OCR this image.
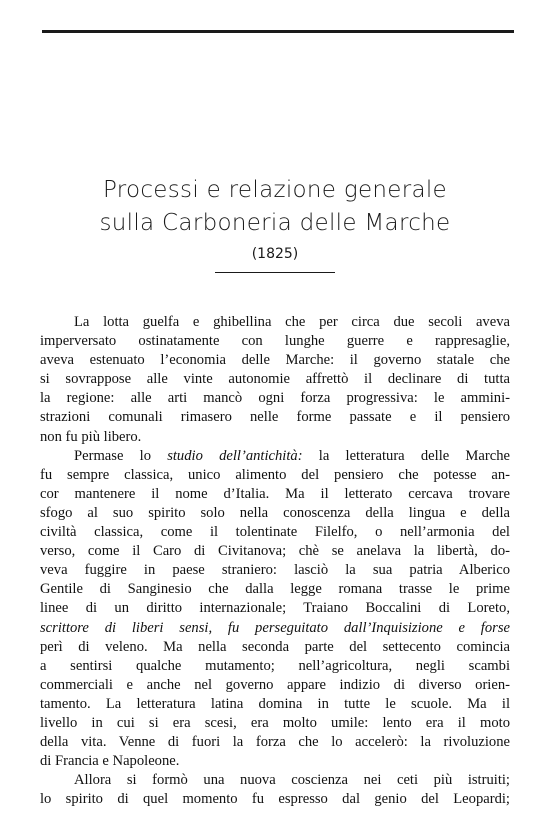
Processi e relazione generale
sulla Carboneria delle Marche
(1825)
La lotta guelfa e ghibellina che per circa due secoli aveva
imperversato ostinatamente con lunghe guerre e rappresaglie,
aveva estenuato l’economia delle Marche: il governo statale che
si sovrappose alle vinte autonomie affrettò il declinare di tutta
la regione: alle arti mancò ogni forza progressiva: le ammini-
strazioni comunali rimasero nelle forme passate e il pensiero
non fu più libero.
Permase lo studio dell’antichità: la letteratura delle Marche
fu sempre classica, unico alimento del pensiero che potesse an-
cor mantenere il nome d’Italia. Ma il letterato cercava trovare
sfogo al suo spirito solo nella conoscenza della lingua e della
civiltà classica, come il tolentinate Filelfo, o nell’armonia del
verso, come il Caro di Civitanova; chè se anelava la libertà, do-
veva fuggire in paese straniero: lasciò la sua patria Alberico
Gentile di Sanginesio che dalla legge romana trasse le prime
linee di un diritto internazionale; Traiano Boccalini di Loreto,
scrittore di liberi sensi, fu perseguitato dall’Inquisizione e forse
perì di veleno. Ma nella seconda parte del settecento comincia
a sentirsi qualche mutamento; nell’agricoltura, negli scambi
commerciali e anche nel governo appare indizio di diverso orien-
tamento. La letteratura latina domina in tutte le scuole. Ma il
livello in cui si era scesi, era molto umile: lento era il moto
della vita. Venne di fuori la forza che lo accelerò: la rivoluzione
di Francia e Napoleone.
Allora si formò una nuova coscienza nei ceti più istruiti;
lo spirito di quel momento fu espresso dal genio del Leopardi;
